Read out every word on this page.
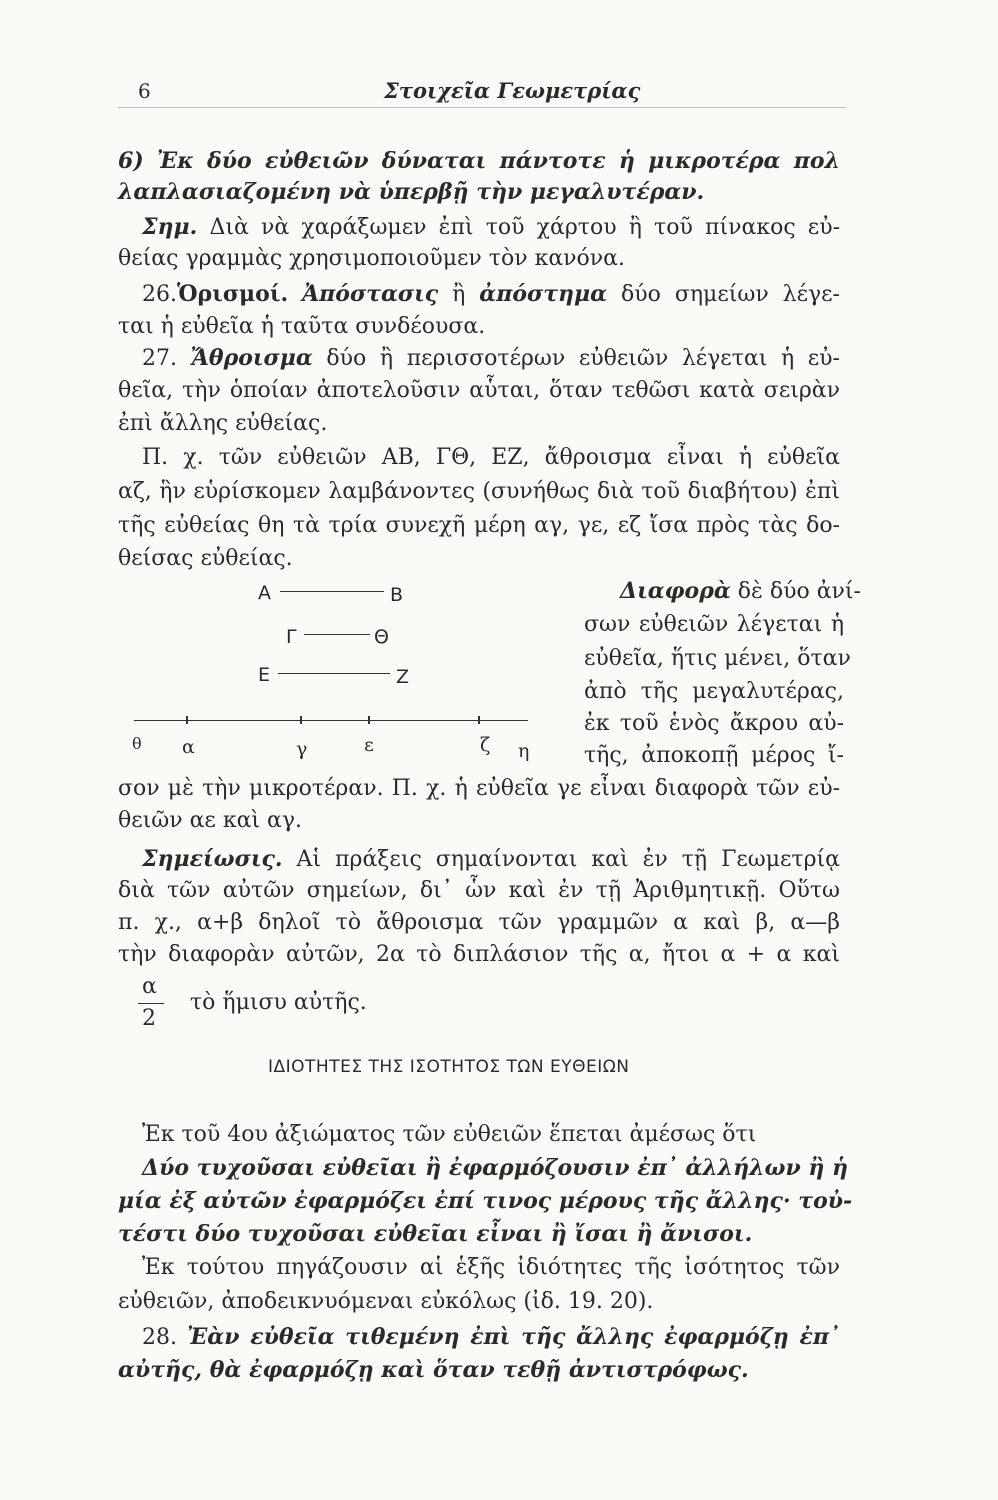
6	Στοιχεῖα Γεωμετρίας
6) Ἐκ δύο εὐθειῶν δύναται πάντοτε ἡ μικροτέρα πολ
λαπλασιαζομένη νὰ ὑπερβῇ τὴν μεγαλυτέραν.
Σημ. Διὰ νὰ χαράξωμεν ἐπὶ τοῦ χάρτου ἢ τοῦ πίνακος εὐ-
θείας γραμμὰς χρησιμοποιοῦμεν τὸν κανόνα.
26.Ὁρισμοί. Ἀπόστασις ἢ ἀπόστημα δύο σημείων λέγε-
ται ἡ εὐθεῖα ἡ ταῦτα συνδέουσα.
27. Ἄθροισμα δύο ἢ περισσοτέρων εὐθειῶν λέγεται ἡ εὐ-
θεῖα, τὴν ὁποίαν ἀποτελοῦσιν αὗται, ὅταν τεθῶσι κατὰ σειρὰν
ἐπὶ ἄλλης εὐθείας.
Π. χ. τῶν εὐθειῶν ΑΒ, ΓΘ, ΕΖ, ἄθροισμα εἶναι ἡ εὐθεῖα
αζ, ἣν εὑρίσκομεν λαμβάνοντες (συνήθως διὰ τοῦ διαβήτου) ἐπὶ
τῆς εὐθείας θη τὰ τρία συνεχῆ μέρη αγ, γε, εζ ἴσα πρὸς τὰς δο-
θείσας εὐθείας.
Α	Β
Γ	Θ
Ε	Ζ
θ α	γ	ε	ζ η
Διαφορὰ δὲ δύο ἀνί-
σων εὐθειῶν λέγεται ἡ
εὐθεῖα, ἥτις μένει, ὅταν
ἀπὸ τῆς μεγαλυτέρας,
ἐκ τοῦ ἑνὸς ἄκρου αὐ-
τῆς, ἀποκοπῇ μέρος ἴ-
σον μὲ τὴν μικροτέραν. Π. χ. ἡ εὐθεῖα γε εἶναι διαφορὰ τῶν εὐ-
θειῶν αε καὶ αγ.
Σημείωσις. Αἱ πράξεις σημαίνονται καὶ ἐν τῇ Γεωμετρίᾳ
διὰ τῶν αὐτῶν σημείων, δι᾿ ὧν καὶ ἐν τῇ Ἀριθμητικῇ. Οὕτω
π. χ., α+β δηλοῖ τὸ ἄθροισμα τῶν γραμμῶν α καὶ β, α—β
τὴν διαφορὰν αὐτῶν, 2α τὸ διπλάσιον τῆς α, ἤτοι α + α καὶ
α
2
τὸ ἥμισυ αὐτῆς.
ΙΔΙΟΤΗΤΕΣ ΤΗΣ ΙΣΟΤΗΤΟΣ ΤΩΝ ΕΥΘΕΙΩΝ
Ἐκ τοῦ 4ου ἀξιώματος τῶν εὐθειῶν ἕπεται ἀμέσως ὅτι
Δύο τυχοῦσαι εὐθεῖαι ἢ ἐφαρμόζουσιν ἐπ᾿ ἀλλήλων ἢ ἡ
μία ἐξ αὐτῶν ἐφαρμόζει ἐπί τινος μέρους τῆς ἄλλης· τοὐ-
τέστι δύο τυχοῦσαι εὐθεῖαι εἶναι ἢ ἴσαι ἢ ἄνισοι.
Ἐκ τούτου πηγάζουσιν αἱ ἑξῆς ἰδιότητες τῆς ἰσότητος τῶν
εὐθειῶν, ἀποδεικνυόμεναι εὐκόλως (ἰδ. 19. 20).
28. Ἐὰν εὐθεῖα τιθεμένη ἐπὶ τῆς ἄλλης ἐφαρμόζῃ ἐπ᾿
αὐτῆς, θὰ ἐφαρμόζῃ καὶ ὅταν τεθῇ ἀντιστρόφως.
